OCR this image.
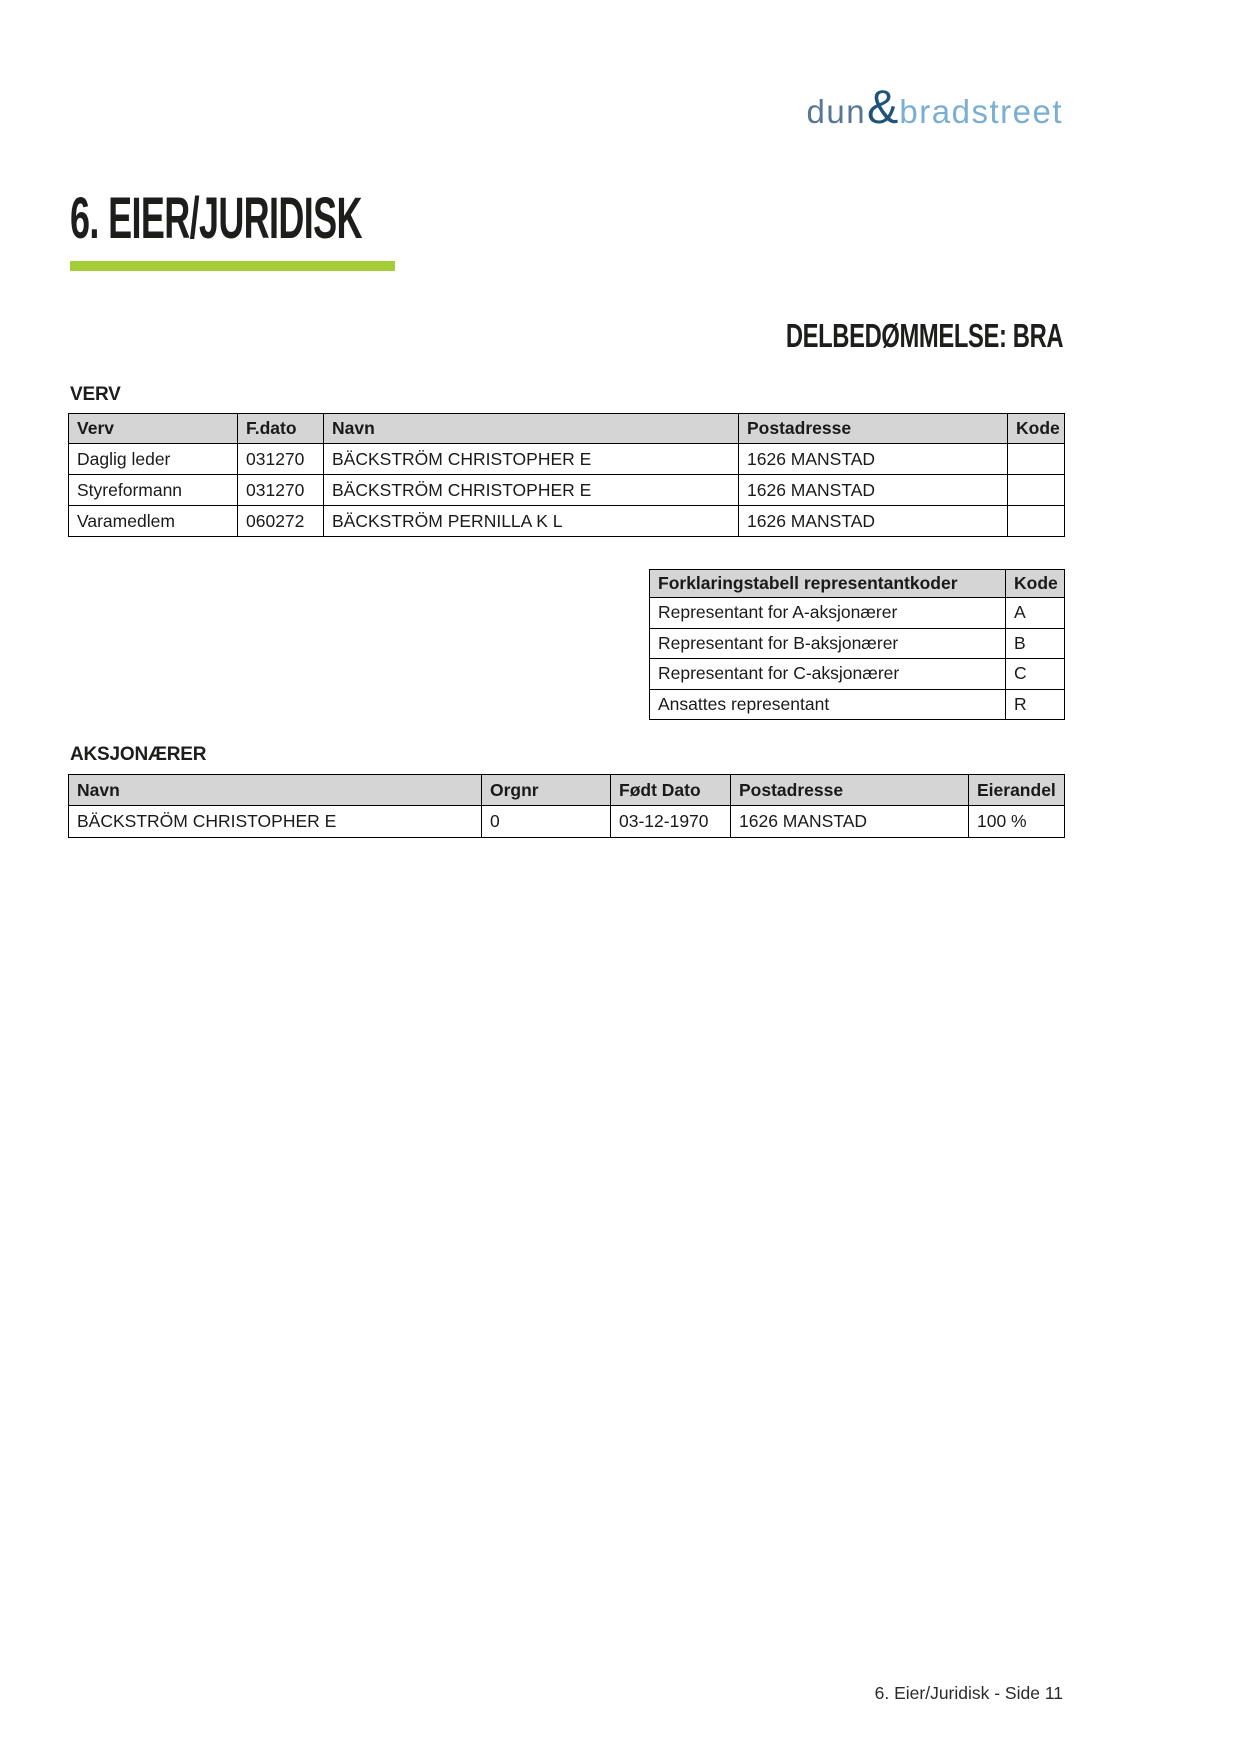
dun & bradstreet
6. EIER/JURIDISK
DELBEDØMMELSE: BRA
VERV
Verv	F.dato	Navn	Postadresse	Kode
Daglig leder	031270	BÄCKSTRÖM CHRISTOPHER E	1626 MANSTAD	
Styreformann	031270	BÄCKSTRÖM CHRISTOPHER E	1626 MANSTAD	
Varamedlem	060272	BÄCKSTRÖM PERNILLA K L	1626 MANSTAD	
Forklaringstabell representantkoder	Kode
Representant for A-aksjonærer	A
Representant for B-aksjonærer	B
Representant for C-aksjonærer	C
Ansattes representant	R
AKSJONÆRER
Navn	Orgnr	Født Dato	Postadresse	Eierandel
BÄCKSTRÖM CHRISTOPHER E	0	03-12-1970	1626 MANSTAD	100 %
6. Eier/Juridisk - Side 11
